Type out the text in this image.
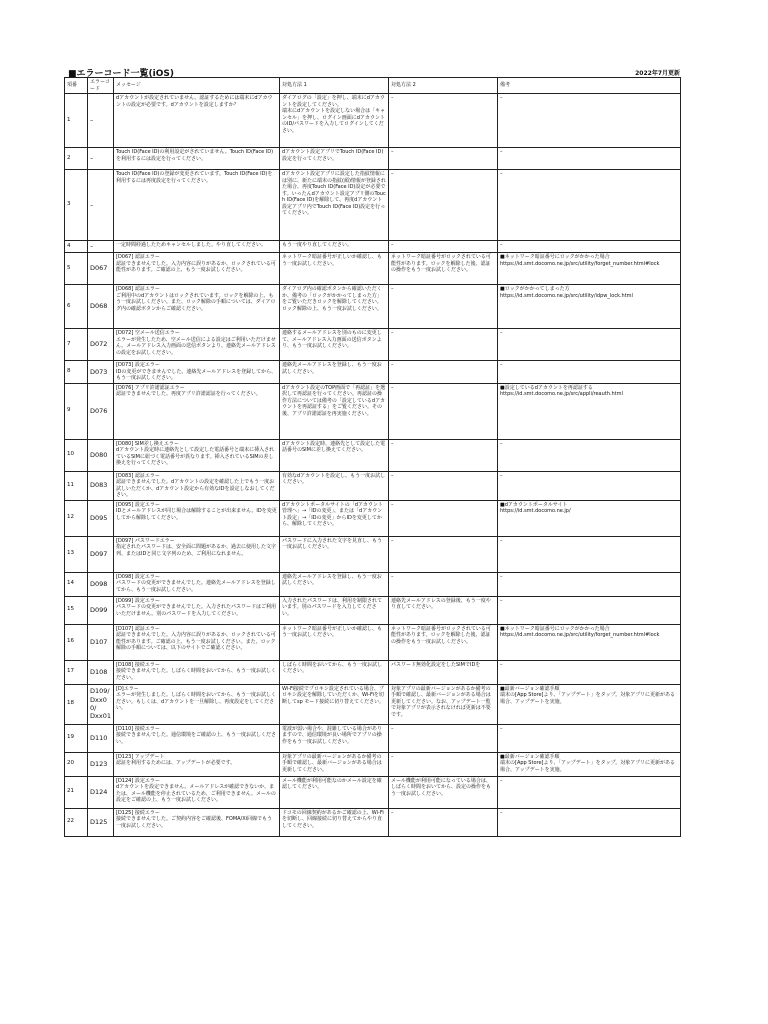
■エラーコード一覧(iOS)	2022年7月更新
項番	エラーコード	メッセージ	対処方法 1	対処方法 2	備考
1	–	dアカウントが設定されていません。認証するためには端末にdアカウントの設定が必要です。dアカウントを設定しますか？	ダイアログの「設定」を押し、端末にdアカウントを設定してください。
端末にdアカウントを設定しない場合は「キャンセル」を押し、ログイン画面にdアカウントのID/パスワードを入力してログインしてください。	–	–
2	–	Touch ID(Face ID)の利用設定がされていません。Touch ID(Face ID)を利用するには設定を行ってください。	dアカウント設定アプリでTouch ID(Face ID)設定を行ってください。	–	–
3	–	Touch ID(Face ID)の登録が変更されています。Touch ID(Face ID)を利用するには再度設定を行ってください。	dアカウント設定アプリに設定した指紋情報には別に、新たに端末の指紋(顔)情報が登録された場合、再度Touch ID(Face ID)設定が必要です。いったんdアカウント設定アプリ側のTouch ID(Face ID)を解除して、再度dアカウント設定アプリ内でTouch ID(Face ID)設定を行ってください。	–	–
4	–	一定時間経過したためキャンセルしました。やり直してください。	もう一度やり直してください。	–	–
5	D067	[D067] 認証エラー
認証できませんでした。入力内容に誤りがあるか、ロックされている可能性があります。ご確認の上、もう一度お試しください。	ネットワーク暗証番号が正しいか確認し、もう一度お試しください。	ネットワーク暗証番号がロックされている可能性があります。ロックを解除した後、認証の操作をもう一度お試しください。	■ネットワーク暗証番号にロックがかかった場合
https://id.smt.docomo.ne.jp/src/utility/forget_number.html#lock
6	D068	[D068] 認証エラー
ご利用中のdアカウントはロックされています。ロックを解除の上、もう一度お試しください。また、ロック解除の手順については、ダイアログ内の確認ボタンからご確認ください。	ダイアログ内の確認ボタンから確認いただくか、備考の「ロックがかかってしまった方」をご覧いただきロックを解除してください。ロック解除の上、もう一度お試しください。	–	■ロックがかかってしまった方
https://id.smt.docomo.ne.jp/src/utility/idpw_lock.html
7	D072	[D072] 空メール送信エラー
エラーが発生したため、空メール送信による設定はご利用いただけません。メールアドレス入力画面の送信ボタンより、連絡先メールアドレスの設定をお試しください。	連絡するメールアドレスを別のものに変更して、メールアドレス入力画面の送信ボタンより、もう一度お試しください。	–	–
8	D073	[D073] 設定エラー
IDの変更ができませんでした。連絡先メールアドレスを登録してから、もう一度お試しください。	連絡先メールアドレスを登録し、もう一度お試しください。	–	–
9	D076	[D076] アプリ許諾認証エラー
認証できませんでした。再度アプリ許諾認証を行ってください。	dアカウント設定のTOP画面で「再認証」を選択して再認証を行ってください。再認証の操作方法については備考の「設定しているdアカウントを再認証する」をご覧ください。その後、アプリ許諾認証を再実施ください。	–	■設定しているdアカウントを再認証する
https://id.smt.docomo.ne.jp/src/appli/reauth.html
10	D080	[D080] SIM差し換えエラー
dアカウント設定時に連絡先として設定した電話番号と端末に挿入されているSIMに紐づく電話番号が異なります。挿入されているSIMの差し換えを行ってください。	dアカウント設定時、連絡先として設定した電話番号のSIMに差し換えてください。	–	–
11	D083	[D083] 認証エラー
認証できませんでした。dアカウントの設定を確認した上でもう一度お試しいただくか、dアカウント設定から有効なIDを設定しなおしてください。	有効なdアカウントを設定し、もう一度お試しください。	–	–
12	D095	[D095] 設定エラー
IDとメールアドレスが同じ場合は解除することが出来ません。IDを変更してから解除してください。	dアカウントポータルサイトの「dアカウント管理へ」→「IDの変更」、または「dアカウント設定」→「IDの変更」からIDを変更してから、解除してください。	–	■dアカウントポータルサイト
https://id.smt.docomo.ne.jp/
13	D097	[D097] パスワードエラー
指定されたパスワードは、安全面に問題があるか、過去に使用した文字列、またはIDと同じ文字列のため、ご利用になれません。	パスワードに入力された文字を見直し、もう一度お試しください。	–	–
14	D098	[D098] 設定エラー
パスワードの変更ができませんでした。連絡先メールアドレスを登録してから、もう一度お試しください。	連絡先メールアドレスを登録し、もう一度お試しください。	–	–
15	D099	[D099] 設定エラー
パスワードの変更ができませんでした。入力されたパスワードはご利用いただけません。別のパスワードを入力してください。	入力されたパスワードは、利用を制限されています。別のパスワードを入力してください。	連絡先メールアドレスの登録後、もう一度やり直してください。	–
16	D107	[D107] 認証エラー
認証できませんでした。入力内容に誤りがあるか、ロックされている可能性があります。ご確認の上、もう一度お試しください。また、ロック解除の手順については、以下のサイトでご確認ください。	ネットワーク暗証番号が正しいか確認し、もう一度お試しください。	ネットワーク暗証番号がロックされている可能性があります。ロックを解除した後、認証の操作をもう一度お試しください。	■ネットワーク暗証番号にロックがかかった場合
https://id.smt.docomo.ne.jp/src/utility/forget_number.html#lock
17	D108	[D108] 接続エラー
接続できませんでした。しばらく時間をおいてから、もう一度お試しください。	しばらく時間をおいてから、もう一度お試しください。	パスワード無効化設定をしたSIMでIDを	–
18	D109/
Dxx00/
Dxx01	[D]エラー
エラーが発生しました。しばらく時間をおいてから、もう一度お試しください。もしくは、dアカウントを一旦解除し、再度設定をしてください。	Wi-Fi接続でプロキシ設定されている場合、プロキシ設定を解除していただくか、Wi-Fiを切断してsp モード接続に切り替えてください。	対象アプリの最新バージョンがあるか備考の手順で確認し、最新バージョンがある場合は更新してください。なお、アップデート一覧で対象アプリが表示されなければ更新は不要です。	■最新バージョン確認手順
端末の[App Store]より、「アップデート」をタップ。対象アプリに更新がある場合、アップデートを実施。
19	D110	[D110] 接続エラー
接続できませんでした。通信環境をご確認の上、もう一度お試しください。	電波が弱い場合や、混雑している場合がありますので、通信環境が良い場所でアプリの操作をもう一度お試しください。	–	–
20	D123	[D123] アップデート
認証を利用するためには、アップデートが必要です。	対象アプリの最新バージョンがあるか備考の手順で確認し、最新バージョンがある場合は更新してください。	–	■最新バージョン確認手順
端末の[App Store]より、「アップデート」をタップ。対象アプリに更新がある場合、アップデートを実施。
21	D124	[D124] 設定エラー
dアカウントを設定できません。メールアドレスが確認できないか、または、メール機能を停止されているため、ご利用できません。メールの設定をご確認の上、もう一度お試しください。	メール機能が利用可能なのかメール設定を確認してください。	メール機能が利用可能になっている場合は、しばらく時間をおいてから、設定の操作をもう一度お試しください。	–
22	D125	[D125] 接続エラー
接続できませんでした。ご契約内容をご確認後、FOMA/Xi回線でもう一度お試しください。	ドコモの回線契約があるかご確認の上、Wi-Fiを切断し、回線接続に切り替えてからやり直してください。	–	–
